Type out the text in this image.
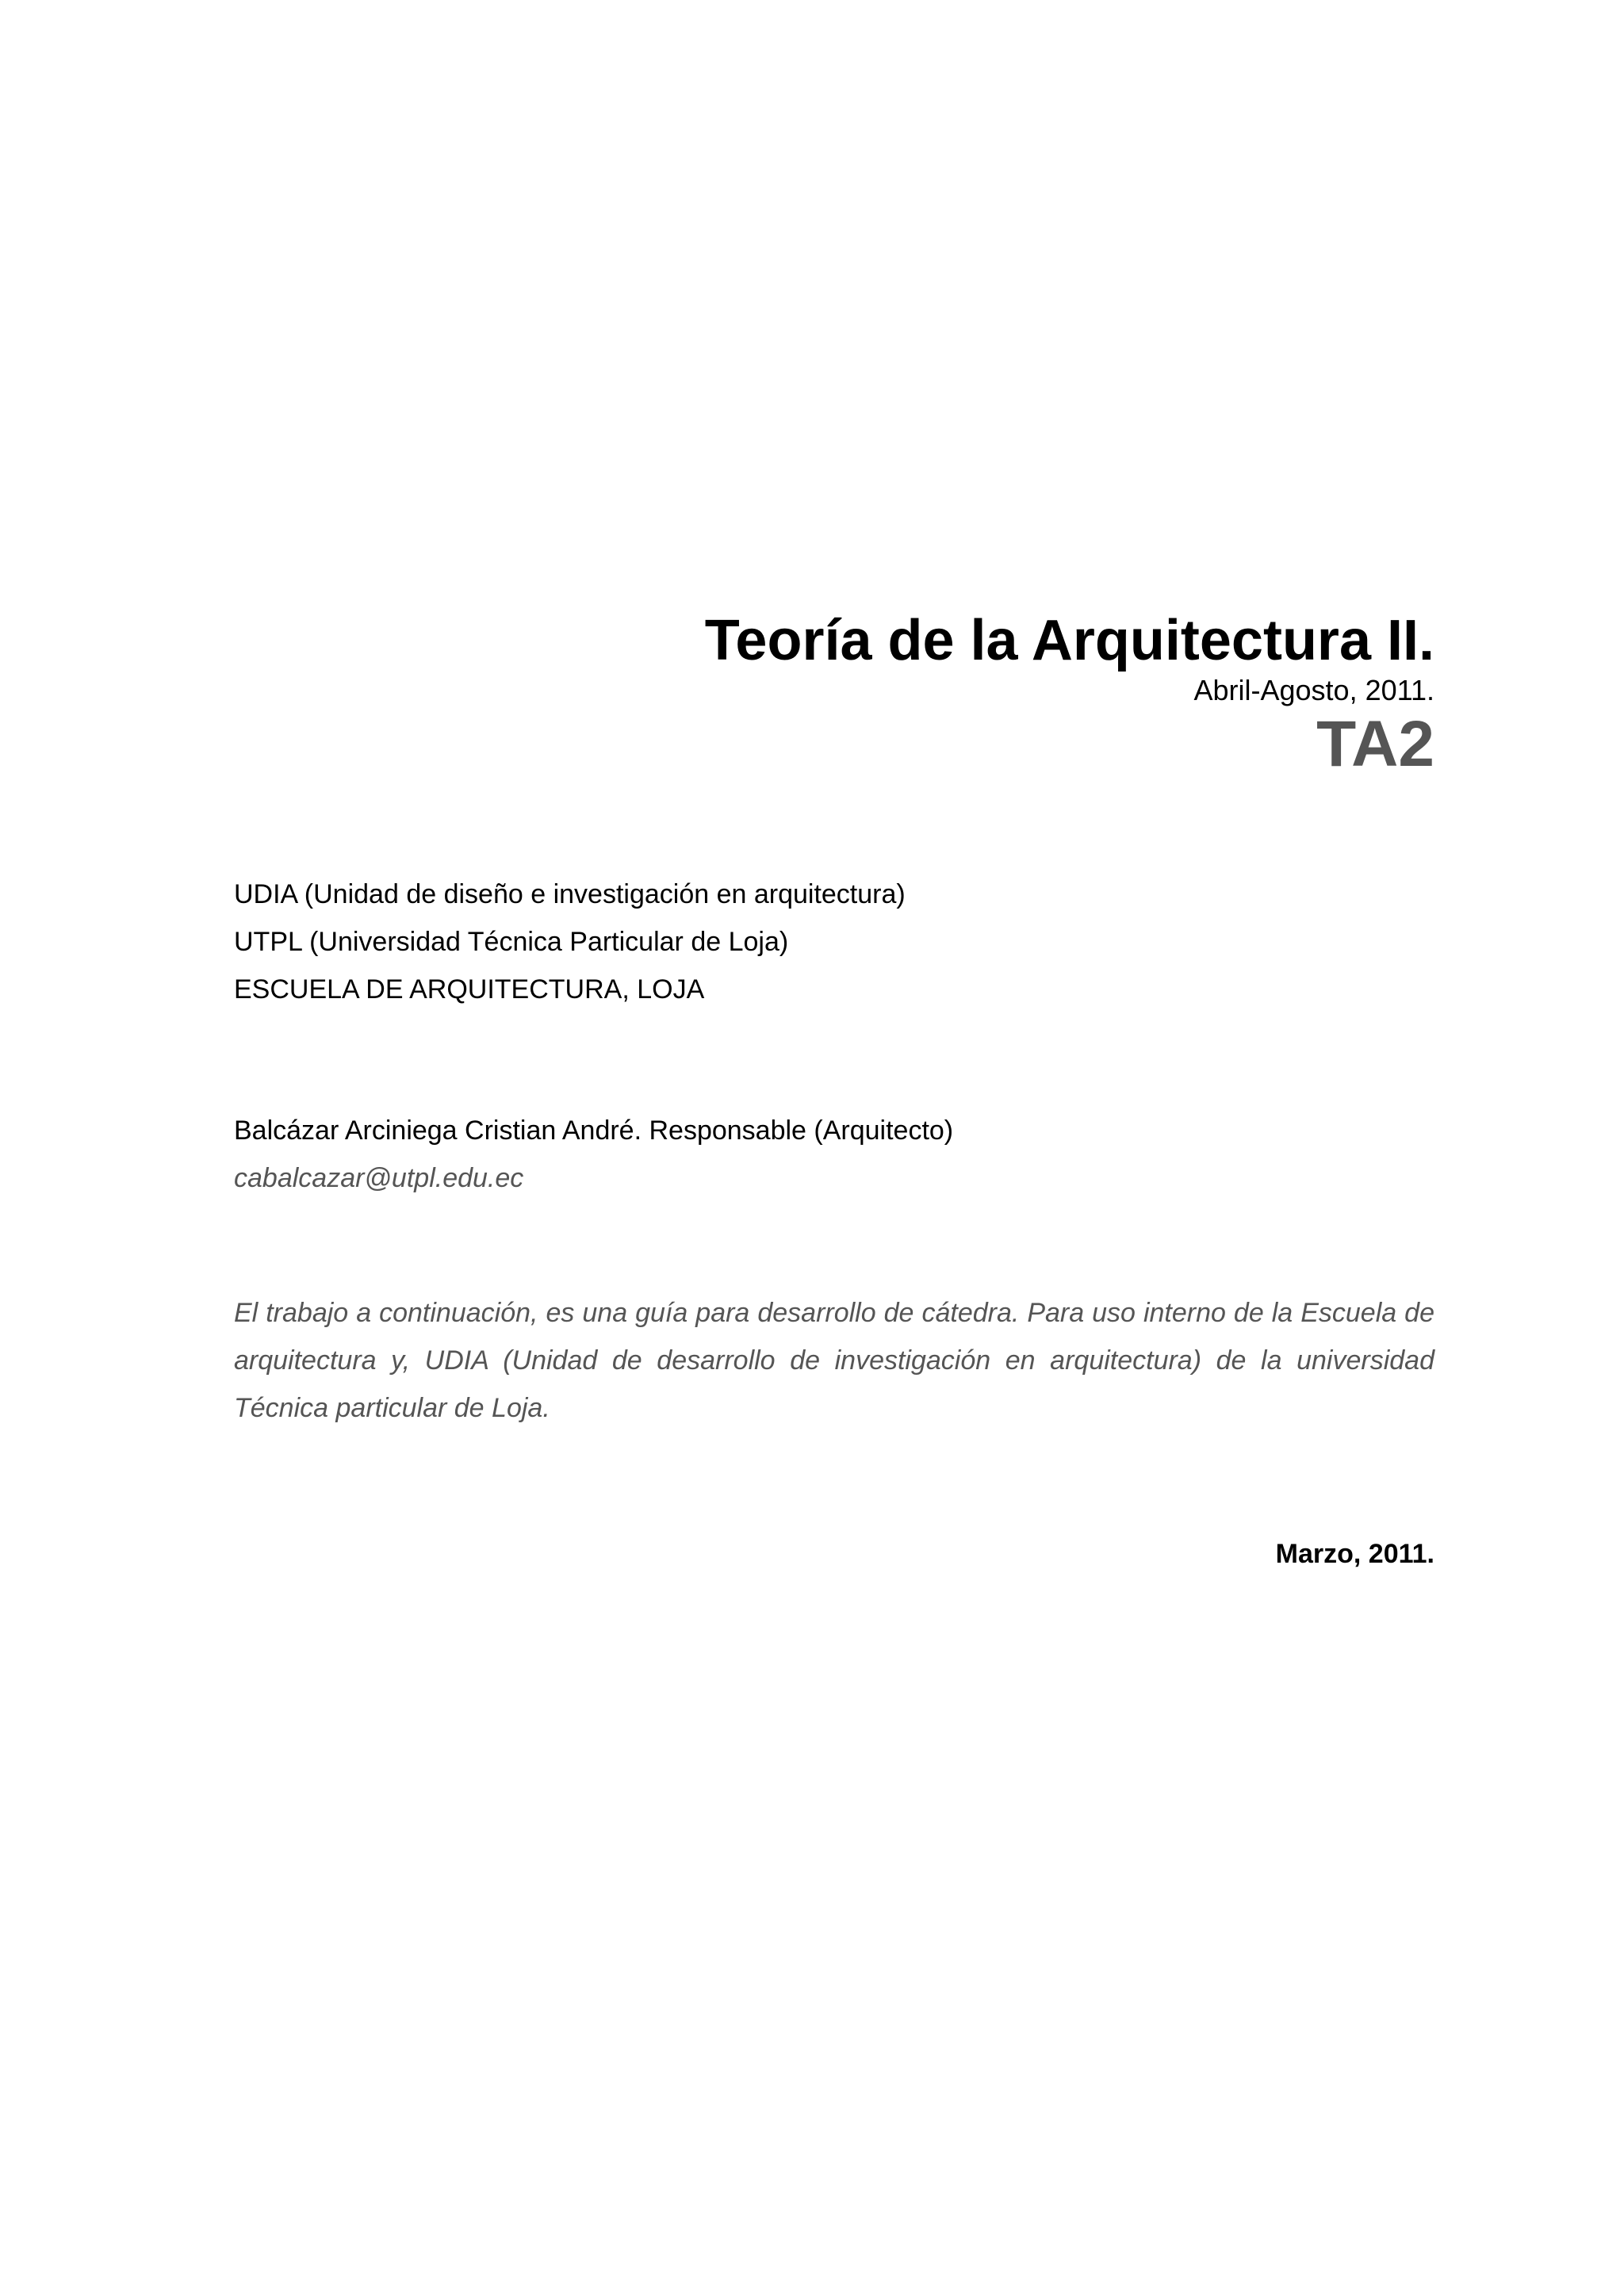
Teoría de la Arquitectura II.
Abril-Agosto, 2011.
TA2
UDIA (Unidad de diseño e investigación en arquitectura)
UTPL (Universidad Técnica Particular de Loja)
ESCUELA DE ARQUITECTURA, LOJA
Balcázar Arciniega Cristian André. Responsable (Arquitecto)
cabalcazar@utpl.edu.ec

El trabajo a continuación, es una guía para desarrollo de cátedra. Para uso interno de la Escuela de arquitectura y, UDIA (Unidad de desarrollo de investigación en arquitectura) de la universidad Técnica particular de Loja.

Marzo, 2011.
